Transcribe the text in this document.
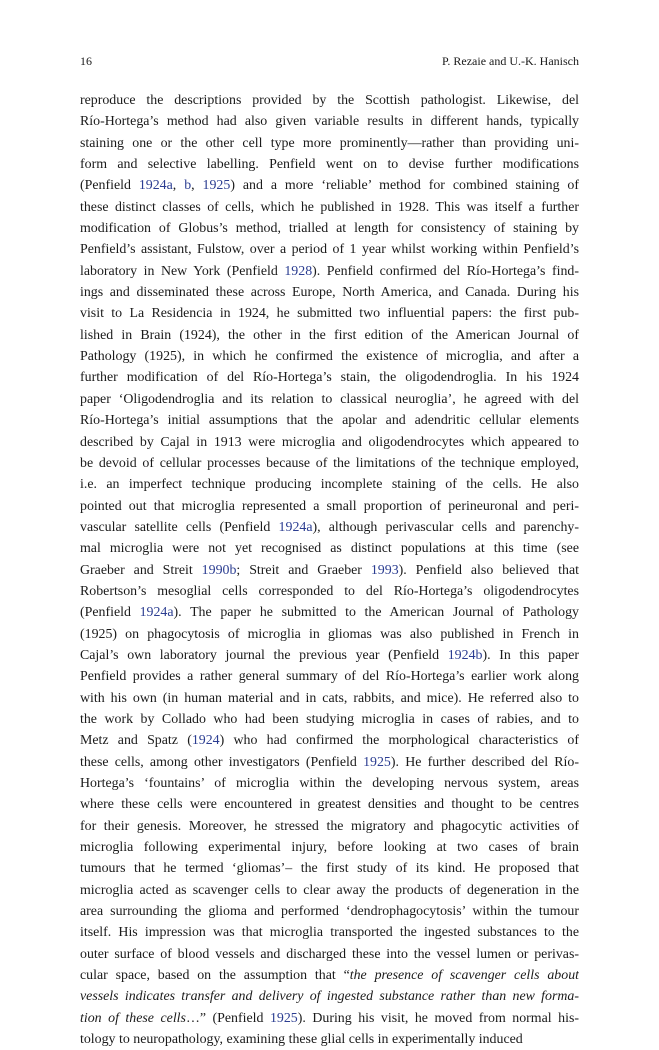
16	P. Rezaie and U.-K. Hanisch
reproduce the descriptions provided by the Scottish pathologist. Likewise, del
Río-Hortega’s method had also given variable results in different hands, typically
staining one or the other cell type more prominently—rather than providing uni -
form and selective labelling. Penfield went on to devise further modifications
(Penfield 1924a, b, 1925) and a more ‘reliable’ method for combined staining of
these distinct classes of cells, which he published in 1928. This was itself a further
modification of Globus’s method, trialled at length for consistency of staining by
Penfield’s assistant, Fulstow, over a period of 1 year whilst working within Penfield’s
laboratory in New York (Penfield 1928). Penfield confirmed del Río-Hortega’s find -
ings and disseminated these across Europe, North America, and Canada. During his
visit to La Residencia in 1924, he submitted two influential papers: the first pub -
lished in Brain (1924), the other in the first edition of the American Journal of
Pathology (1925), in which he confirmed the existence of microglia, and after a
further modification of del Río-Hortega’s stain, the oligodendroglia. In his 1924
paper ‘Oligodendroglia and its relation to classical neuroglia’, he agreed with del
Río-Hortega’s initial assumptions that the apolar and adendritic cellular elements
described by Cajal in 1913 were microglia and oligodendrocytes which appeared to
be devoid of cellular processes because of the limitations of the technique employed,
i.e. an imperfect technique producing incomplete staining of the cells. He also
pointed out that microglia represented a small proportion of perineuronal and peri -
vascular satellite cells (Penfield 1924a), although perivascular cells and parenchy -
mal microglia were not yet recognised as distinct populations at this time (see
Graeber and Streit 1990b; Streit and Graeber 1993). Penfield also believed that
Robertson’s mesoglial cells corresponded to del Río-Hortega’s oligodendrocytes
(Penfield 1924a). The paper he submitted to the American Journal of Pathology
(1925) on phagocytosis of microglia in gliomas was also published in French in
Cajal’s own laboratory journal the previous year (Penfield 1924b). In this paper
Penfield provides a rather general summary of del Río-Hortega’s earlier work along
with his own (in human material and in cats, rabbits, and mice). He referred also to
the work by Collado who had been studying microglia in cases of rabies, and to
Metz and Spatz (1924) who had confirmed the morphological characteristics of
these cells, among other investigators (Penfield 1925). He further described del Río -
Hortega’s ‘fountains’ of microglia within the developing nervous system, areas
where these cells were encountered in greatest densities and thought to be centres
for their genesis. Moreover, he stressed the migratory and phagocytic activities of
microglia following experimental injury, before looking at two cases of brain
tumours that he termed ‘gliomas’– the first study of its kind. He proposed that
microglia acted as scavenger cells to clear away the products of degeneration in the
area surrounding the glioma and performed ‘dendrophagocytosis’ within the tumour
itself. His impression was that microglia transported the ingested substances to the
outer surface of blood vessels and discharged these into the vessel lumen or perivas -
cular space, based on the assumption that “the presence of scavenger cells about
vessels indicates transfer and delivery of ingested substance rather than new forma -
tion of these cells…” (Penfield 1925). During his visit, he moved from normal his -
tology to neuropathology, examining these glial cells in experimentally induced
